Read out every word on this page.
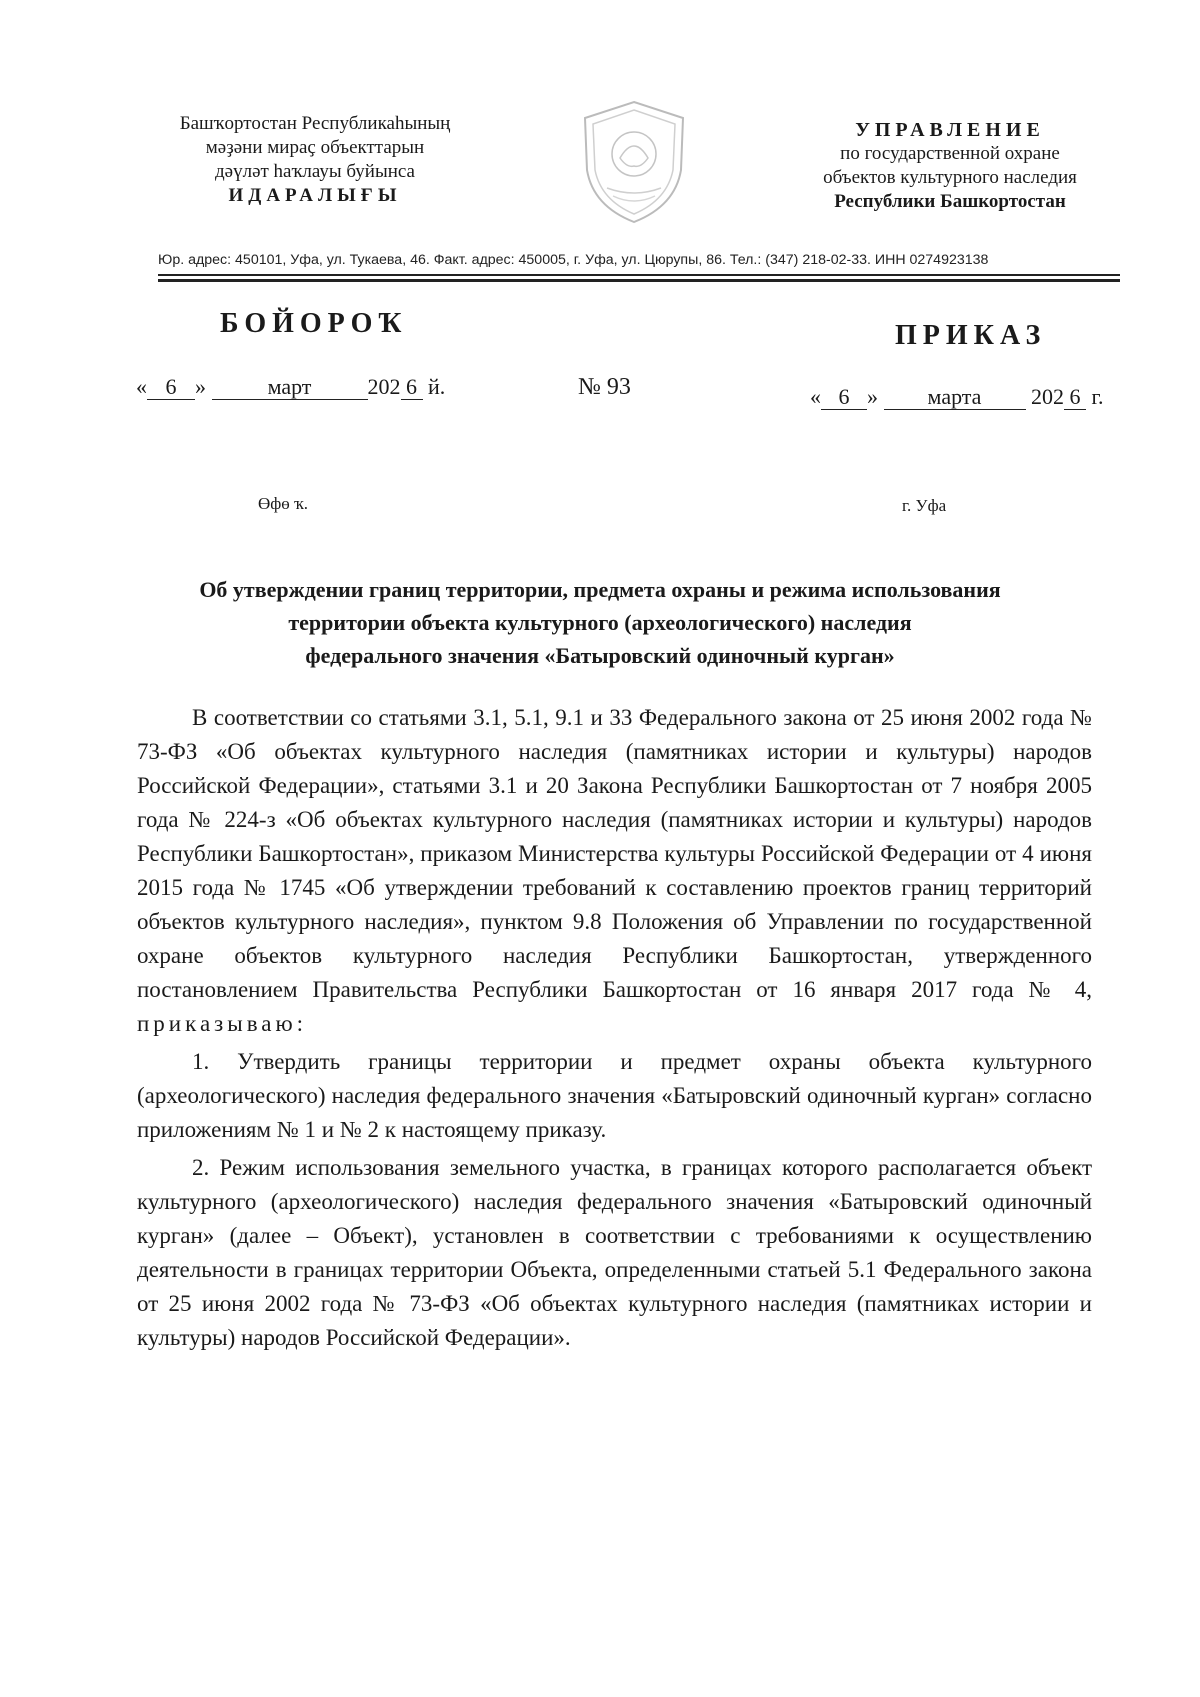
Башҡортостан Республикаһының
мәҙәни мираҫ объекттарын
дәүләт һаҡлауы буйынса
ИДАРАЛЫҒЫ
УПРАВЛЕНИЕ
по государственной охране
объектов культурного наследия
Республики Башкортостан
Юр. адрес: 450101, Уфа, ул. Тукаева, 46. Факт. адрес: 450005, г. Уфа, ул. Цюрупы, 86. Тел.: (347) 218-02-33. ИНН 0274923138
БОЙОРОҠ	ПРИКАЗ
« 6 »	март	202 6 й.	№ 93	« 6 » марта 202 6 г.
Өфө ҡ.	г. Уфа
Об утверждении границ территории, предмета охраны и режима использования
территории объекта культурного (археологического) наследия
федерального значения «Батыровский одиночный курган»

В соответствии со статьями 3.1, 5.1, 9.1 и 33 Федерального закона от 25 июня 2002 года № 73-ФЗ «Об объектах культурного наследия (памятниках истории и культуры) народов Российской Федерации», статьями 3.1 и 20 Закона Республики Башкортостан от 7 ноября 2005 года № 224-з «Об объектах культурного наследия (памятниках истории и культуры) народов Республики Башкортостан», приказом Министерства культуры Российской Федерации от 4 июня 2015 года № 1745 «Об утверждении требований к составлению проектов границ территорий объектов культурного наследия», пунктом 9.8 Положения об Управлении по государственной охране объектов культурного наследия Республики Башкортостан, утвержденного постановлением Правительства Республики Башкортостан от 16 января 2017 года № 4, приказываю:

1. Утвердить границы территории и предмет охраны объекта культурного (археологического) наследия федерального значения «Батыровский одиночный курган» согласно приложениям № 1 и № 2 к настоящему приказу.

2. Режим использования земельного участка, в границах которого располагается объект культурного (археологического) наследия федерального значения «Батыровский одиночный курган» (далее – Объект), установлен в соответствии с требованиями к осуществлению деятельности в границах территории Объекта, определенными статьей 5.1 Федерального закона от 25 июня 2002 года № 73-ФЗ «Об объектах культурного наследия (памятниках истории и культуры) народов Российской Федерации».
